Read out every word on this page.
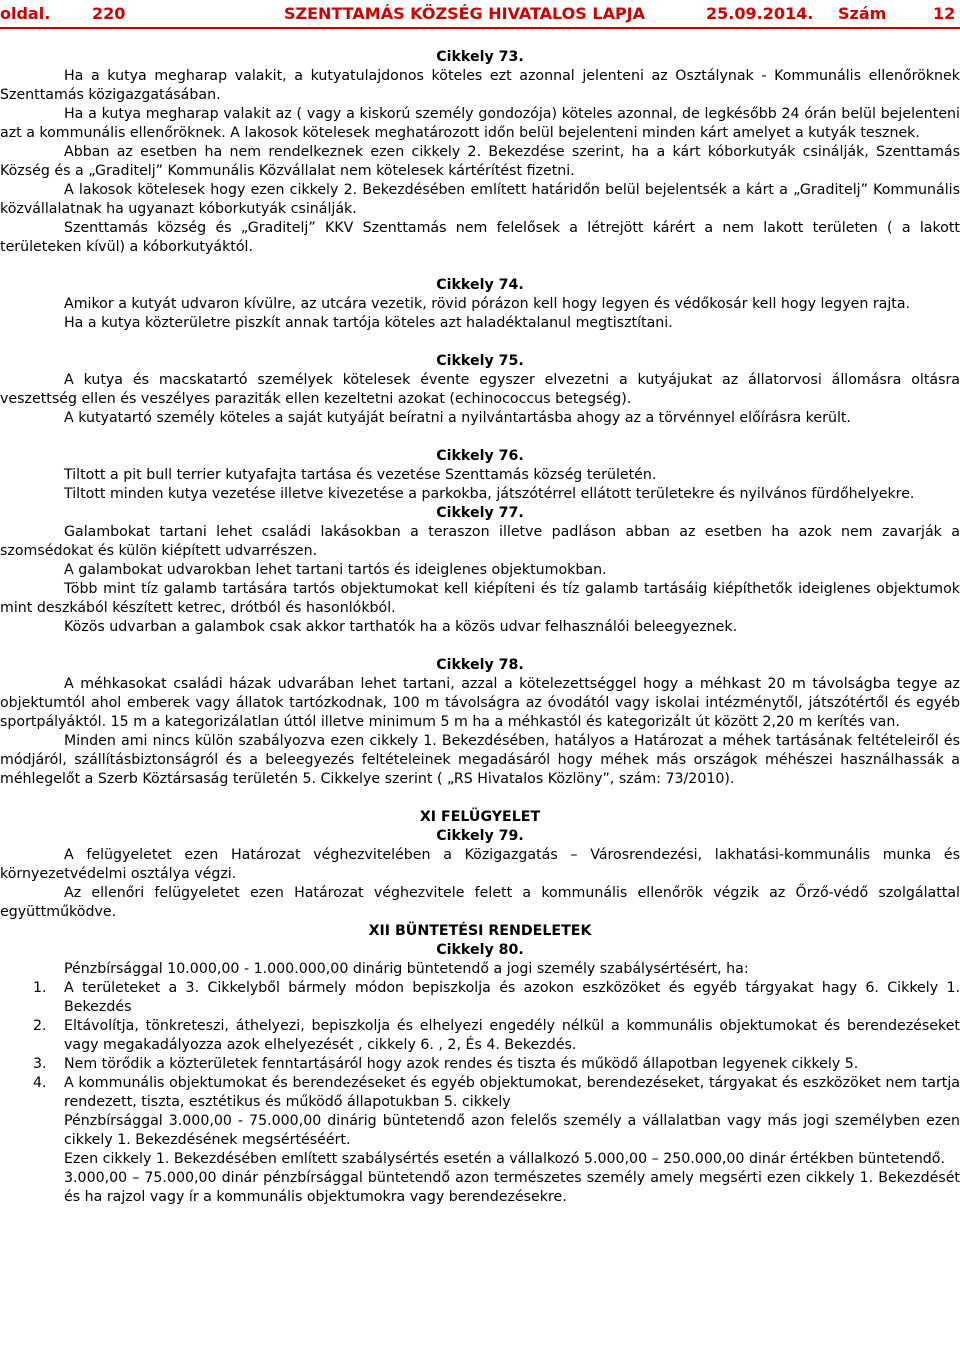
oldal.	220	SZENTTAMÁS KÖZSÉG HIVATALOS LAPJA	25.09.2014. Szám	12
Cikkely 73.
Ha a kutya megharap valakit, a kutyatulajdonos köteles ezt azonnal jelenteni az Osztálynak - Kommunális ellenőröknek Szenttamás közigazgatásában.
Ha a kutya megharap valakit az ( vagy a kiskorú személy gondozója) köteles azonnal, de legkésőbb 24 órán belül bejelenteni azt a kommunális ellenőröknek. A lakosok kötelesek meghatározott időn belül bejelenteni minden kárt amelyet a kutyák tesznek.
Abban az esetben ha nem rendelkeznek ezen cikkely 2. Bekezdése szerint, ha a kárt kóborkutyák csinálják, Szenttamás Község és a „Graditelj” Kommunális Közvállalat nem kötelesek kártérítést fizetni.
A lakosok kötelesek hogy ezen cikkely 2. Bekezdésében említett határidőn belül bejelentsék a kárt a „Graditelj” Kommunális közvállalatnak ha ugyanazt kóborkutyák csinálják.
Szenttamás község és „Graditelj” KKV Szenttamás nem felelősek a létrejött kárért a nem lakott területen ( a lakott területeken kívül) a kóborkutyáktól.
Cikkely 74.
Amikor a kutyát udvaron kívülre, az utcára vezetik, rövid pórázon kell hogy legyen és védőkosár kell hogy legyen rajta.
Ha a kutya közterületre piszkít annak tartója köteles azt haladéktalanul megtisztítani.
Cikkely 75.
A kutya és macskatartó személyek kötelesek évente egyszer elvezetni a kutyájukat az állatorvosi állomásra oltásra veszettség ellen és veszélyes paraziták ellen kezeltetni azokat (echinococcus betegség).
A kutyatartó személy köteles a saját kutyáját beíratni a nyilvántartásba ahogy az a törvénnyel előírásra került.
Cikkely 76.
Tiltott a pit bull terrier kutyafajta tartása és vezetése Szenttamás község területén.
Tiltott minden kutya vezetése illetve kivezetése a parkokba, játszótérrel ellátott területekre és nyilvános fürdőhelyekre.
Cikkely 77.
Galambokat tartani lehet családi lakásokban a teraszon illetve padláson abban az esetben ha azok nem zavarják a szomsédokat és külön kiépített udvarrészen.
A galambokat udvarokban lehet tartani tartós és ideiglenes objektumokban.
Több mint tíz galamb tartására tartós objektumokat kell kiépíteni és tíz galamb tartásáig kiépíthetők ideiglenes objektumok mint deszkából készített ketrec, drótból és hasonlókból.
Közös udvarban a galambok csak akkor tarthatók ha a közös udvar felhasználói beleegyeznek.
Cikkely 78.
A méhkasokat családi házak udvarában lehet tartani, azzal a kötelezettséggel hogy a méhkast 20 m távolságba tegye az objektumtól ahol emberek vagy állatok tartózkodnak, 100 m távolságra az óvodától vagy iskolai intézménytől, játszótértől és egyéb sportpályáktól. 15 m a kategorizálatlan úttól illetve minimum 5 m ha a méhkastól és kategorizált út között 2,20 m kerítés van.
Minden ami nincs külön szabályozva ezen cikkely 1. Bekezdésében, hatályos a Határozat a méhek tartásának feltételeiről és módjáról, szállításbiztonságról és a beleegyezés feltételeinek megadásáról hogy méhek más országok méhészei használhassák a méhlegelőt a Szerb Köztársaság területén 5. Cikkelye szerint ( „RS Hivatalos Közlöny”, szám: 73/2010).
XI FELÜGYELET
Cikkely 79.
A felügyeletet ezen Határozat véghezvitelében a Közigazgatás – Városrendezési, lakhatási-kommunális munka és környezetvédelmi osztálya végzi.
Az ellenőri felügyeletet ezen Határozat véghezvitele felett a kommunális ellenőrök végzik az Őrző-védő szolgálattal együttműködve.
XII BÜNTETÉSI RENDELETEK
Cikkely 80.
Pénzbírsággal 10.000,00 - 1.000.000,00 dinárig büntetendő a jogi személy szabálysértésért, ha:
1. A területeket a 3. Cikkelyből bármely módon bepiszkolja és azokon eszközöket és egyéb tárgyakat hagy 6. Cikkely 1. Bekezdés
2. Eltávolítja, tönkreteszi, áthelyezi, bepiszkolja és elhelyezi engedély nélkül a kommunális objektumokat és berendezéseket vagy megakadályozza azok elhelyezését , cikkely 6. , 2, És 4. Bekezdés.
3. Nem törődik a közterületek fenntartásáról hogy azok rendes és tiszta és működő állapotban legyenek cikkely 5.
4. A kommunális objektumokat és berendezéseket és egyéb objektumokat, berendezéseket, tárgyakat és eszközöket nem tartja rendezett, tiszta, esztétikus és működő állapotukban 5. cikkely
Pénzbírsággal 3.000,00 - 75.000,00 dinárig büntetendő azon felelős személy a vállalatban vagy más jogi személyben ezen cikkely 1. Bekezdésének megsértéséért.
Ezen cikkely 1. Bekezdésében említett szabálysértés esetén a vállalkozó 5.000,00 – 250.000,00 dinár értékben büntetendő.
3.000,00 – 75.000,00 dinár pénzbírsággal büntetendő azon természetes személy amely megsérti ezen cikkely 1. Bekezdését és ha rajzol vagy ír a kommunális objektumokra vagy berendezésekre.
